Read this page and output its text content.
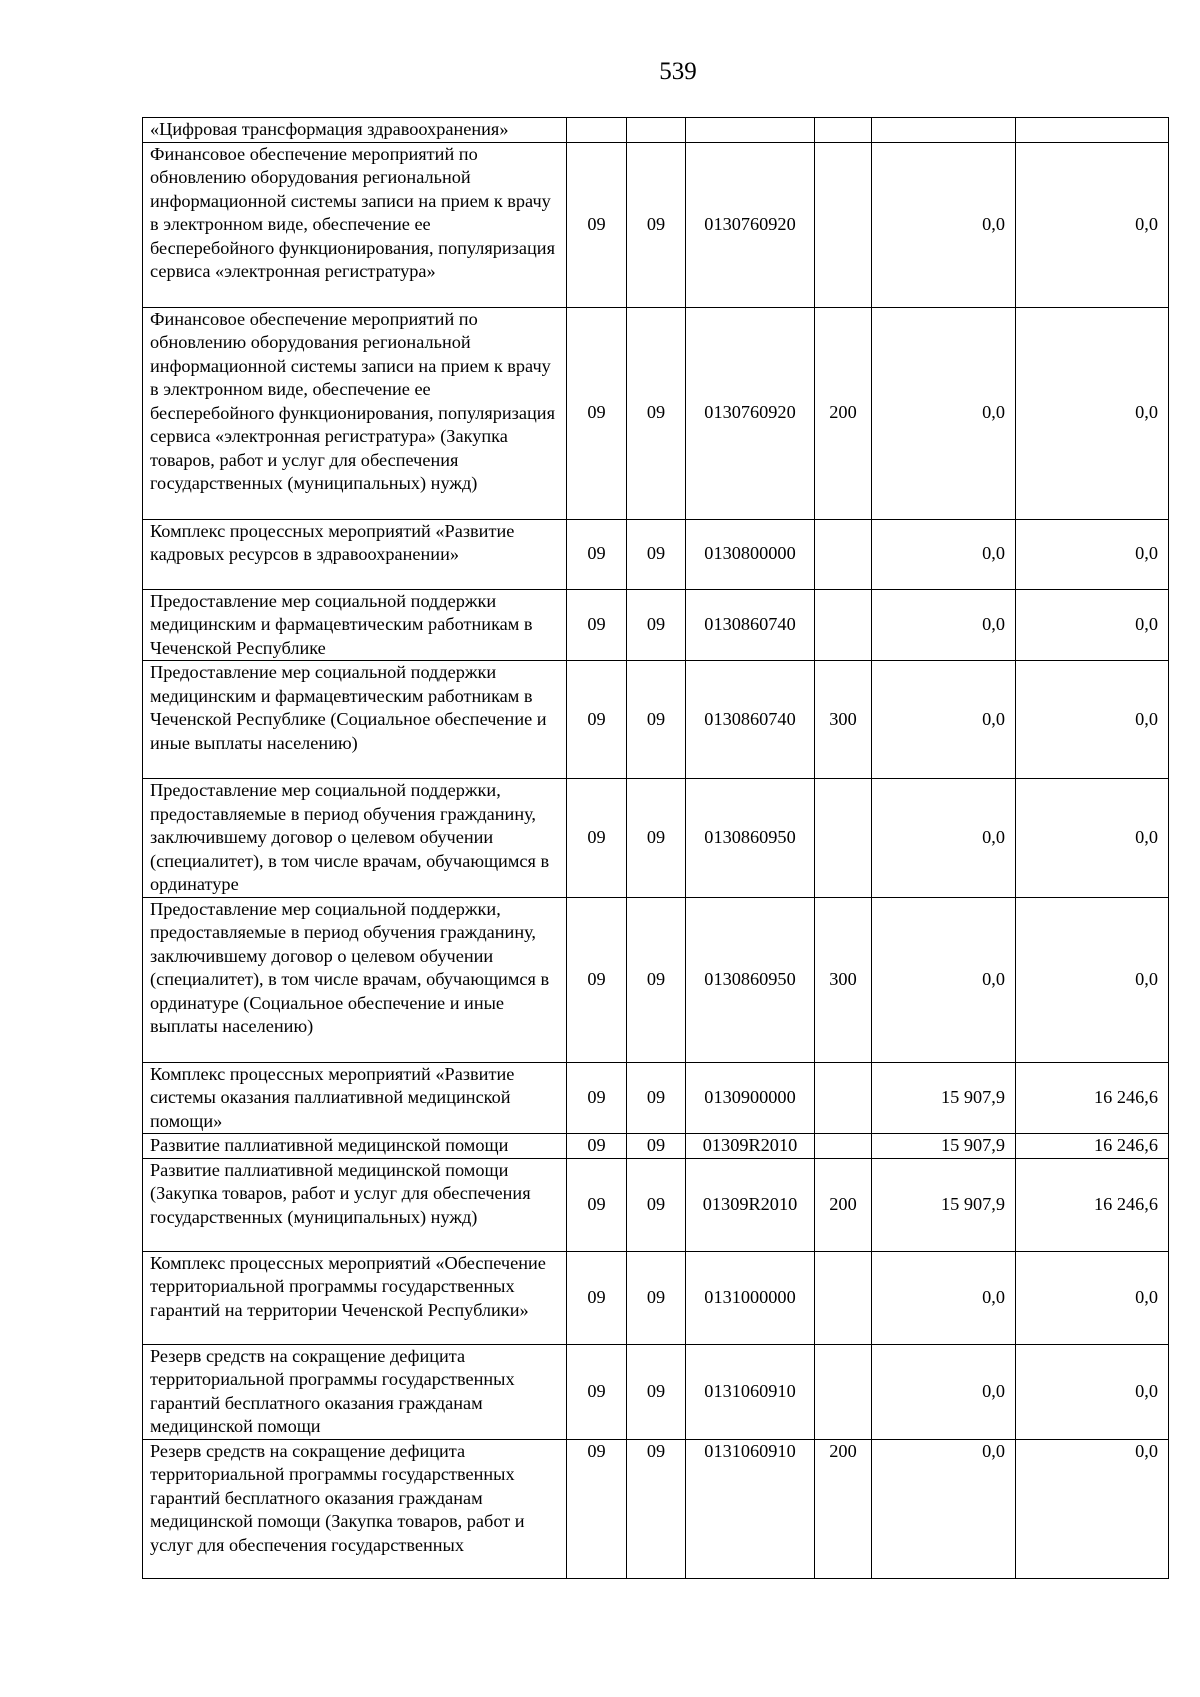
539
«Цифровая трансформация здравоохранения»						
Финансовое обеспечение мероприятий по обновлению оборудования региональной информационной системы записи на прием к врачу в электронном виде, обеспечение ее бесперебойного функционирования, популяризация сервиса «электронная регистратура»	09	09	0130760920		0,0	0,0
Финансовое обеспечение мероприятий по обновлению оборудования региональной информационной системы записи на прием к врачу в электронном виде, обеспечение ее бесперебойного функционирования, популяризация сервиса «электронная регистратура» (Закупка товаров, работ и услуг для обеспечения государственных (муниципальных) нужд)	09	09	0130760920	200	0,0	0,0
Комплекс процессных мероприятий «Развитие кадровых ресурсов в здравоохранении»	09	09	0130800000		0,0	0,0
Предоставление мер социальной поддержки медицинским и фармацевтическим работникам в Чеченской Республике	09	09	0130860740		0,0	0,0
Предоставление мер социальной поддержки медицинским и фармацевтическим работникам в Чеченской Республике (Социальное обеспечение и иные выплаты населению)	09	09	0130860740	300	0,0	0,0
Предоставление мер социальной поддержки, предоставляемые в период обучения гражданину, заключившему договор о целевом обучении (специалитет), в том числе врачам, обучающимся в ординатуре	09	09	0130860950		0,0	0,0
Предоставление мер социальной поддержки, предоставляемые в период обучения гражданину, заключившему договор о целевом обучении (специалитет), в том числе врачам, обучающимся в ординатуре (Социальное обеспечение и иные выплаты населению)	09	09	0130860950	300	0,0	0,0
Комплекс процессных мероприятий «Развитие системы оказания паллиативной медицинской помощи»	09	09	0130900000		15 907,9	16 246,6
Развитие паллиативной медицинской помощи	09	09	01309R2010		15 907,9	16 246,6
Развитие паллиативной медицинской помощи (Закупка товаров, работ и услуг для обеспечения государственных (муниципальных) нужд)	09	09	01309R2010	200	15 907,9	16 246,6
Комплекс процессных мероприятий «Обеспечение территориальной программы государственных гарантий на территории Чеченской Республики»	09	09	0131000000		0,0	0,0
Резерв средств на сокращение дефицита территориальной программы государственных гарантий бесплатного оказания гражданам медицинской помощи	09	09	0131060910		0,0	0,0
Резерв средств на сокращение дефицита территориальной программы государственных гарантий бесплатного оказания гражданам медицинской помощи (Закупка товаров, работ и услуг для обеспечения государственных	09	09	0131060910	200	0,0	0,0
